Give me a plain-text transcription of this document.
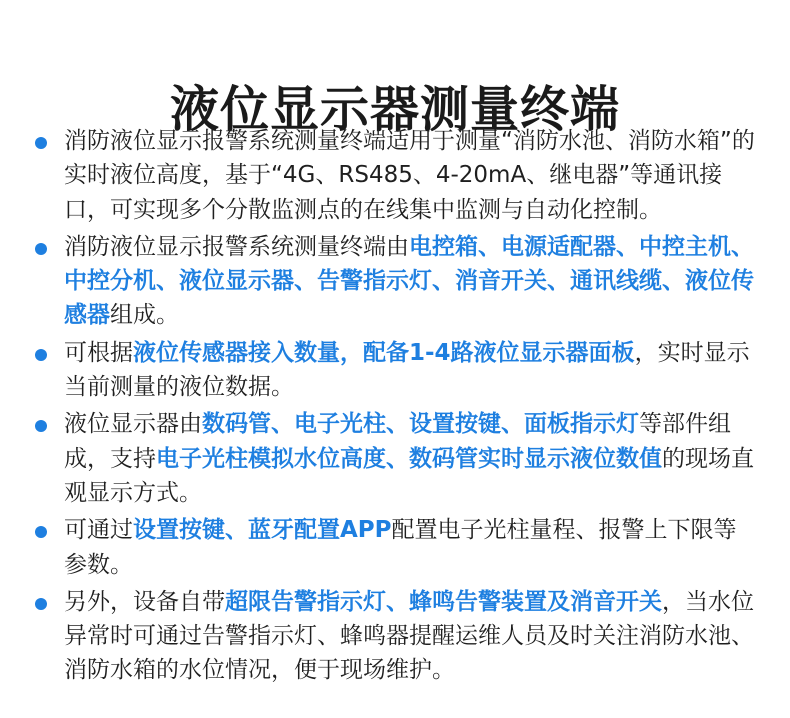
液位显示器测量终端
消防液位显示报警系统测量终端适用于测量“消防水池、消防水箱”的实时液位高度，基于“4G、RS485、4-20mA、继电器”等通讯接口，可实现多个分散监测点的在线集中监测与自动化控制。
消防液位显示报警系统测量终端由电控箱、电源适配器、中控主机、中控分机、液位显示器、告警指示灯、消音开关、通讯线缆、液位传感器组成。
可根据液位传感器接入数量，配备1-4路液位显示器面板，实时显示当前测量的液位数据。
液位显示器由数码管、电子光柱、设置按键、面板指示灯等部件组成，支持电子光柱模拟水位高度、数码管实时显示液位数值的现场直观显示方式。
可通过设置按键、蓝牙配置APP配置电子光柱量程、报警上下限等参数。
另外，设备自带超限告警指示灯、蜂鸣告警装置及消音开关，当水位异常时可通过告警指示灯、蜂鸣器提醒运维人员及时关注消防水池、消防水箱的水位情况，便于现场维护。
